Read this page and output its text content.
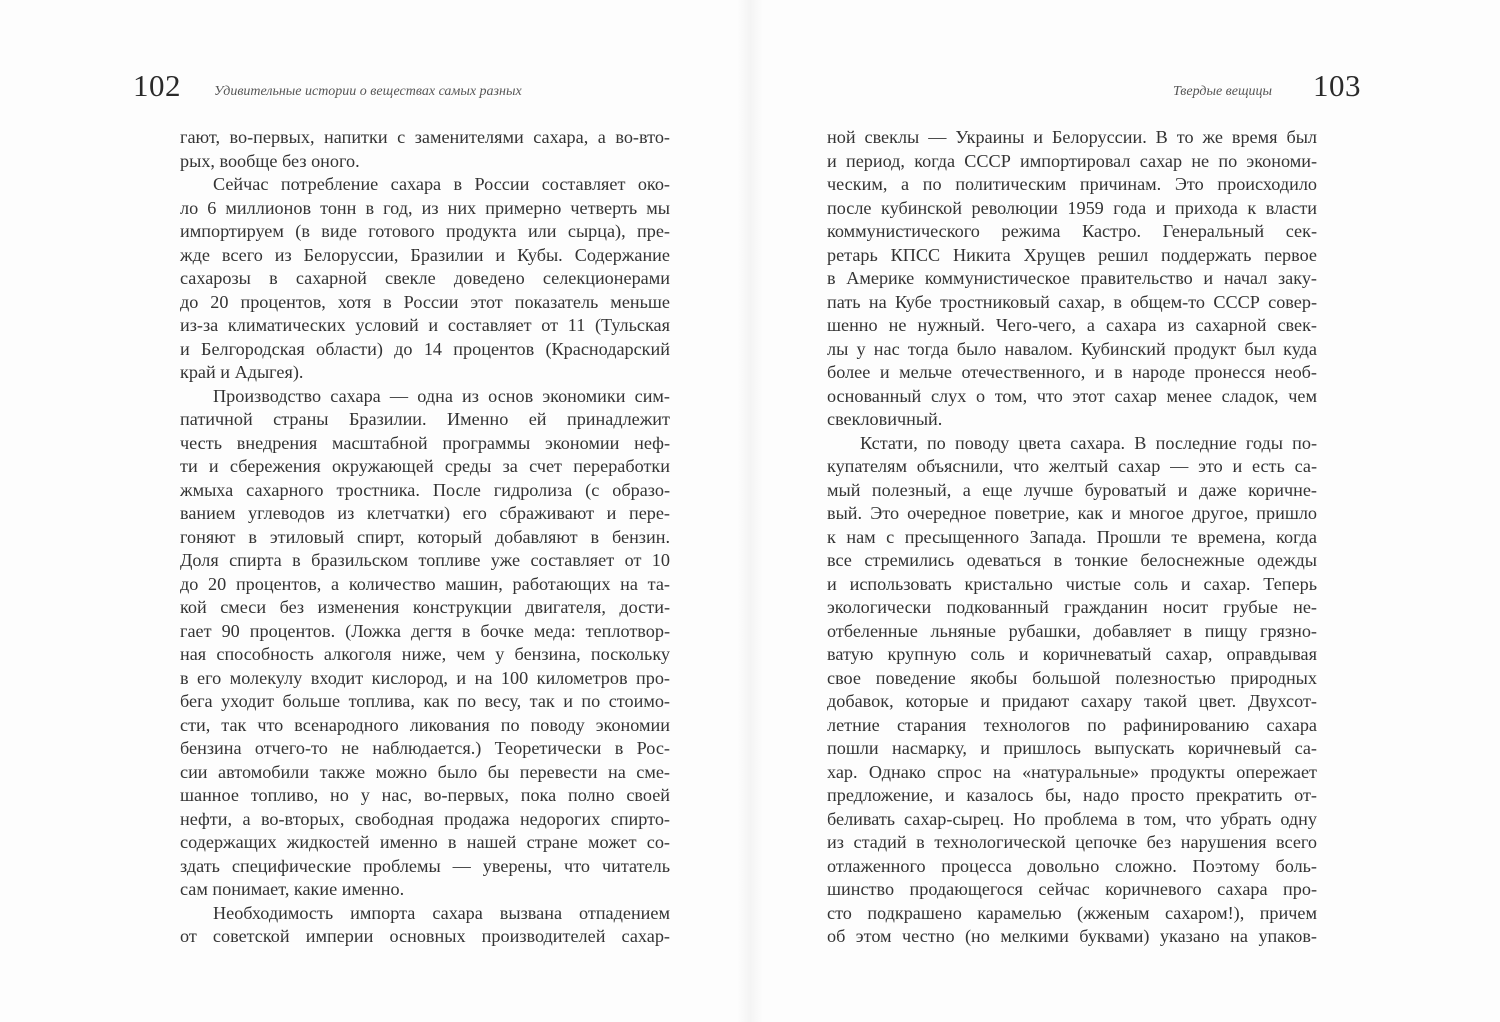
102 Удивительные истории о веществах самых разных
гают, во-первых, напитки с заменителями сахара, а во-вто-
рых, вообще без оного.
Сейчас потребление сахара в России составляет око-
ло 6 миллионов тонн в год, из них примерно четверть мы
импортируем (в виде готового продукта или сырца), пре-
жде всего из Белоруссии, Бразилии и Кубы. Содержание
сахарозы в сахарной свекле доведено селекционерами
до 20 процентов, хотя в России этот показатель меньше
из-за климатических условий и составляет от 11 (Тульская
и Белгородская области) до 14 процентов (Краснодарский
край и Адыгея).
Производство сахара — одна из основ экономики сим-
патичной страны Бразилии. Именно ей принадлежит
честь внедрения масштабной программы экономии неф-
ти и сбережения окружающей среды за счет переработки
жмыха сахарного тростника. После гидролиза (с образо-
ванием углеводов из клетчатки) его сбраживают и пере-
гоняют в этиловый спирт, который добавляют в бензин.
Доля спирта в бразильском топливе уже составляет от 10
до 20 процентов, а количество машин, работающих на та-
кой смеси без изменения конструкции двигателя, дости-
гает 90 процентов. (Ложка дегтя в бочке меда: теплотвор-
ная способность алкоголя ниже, чем у бензина, поскольку
в его молекулу входит кислород, и на 100 километров про-
бега уходит больше топлива, как по весу, так и по стоимо-
сти, так что всенародного ликования по поводу экономии
бензина отчего-то не наблюдается.) Теоретически в Рос-
сии автомобили также можно было бы перевести на сме-
шанное топливо, но у нас, во-первых, пока полно своей
нефти, а во-вторых, свободная продажа недорогих спирто-
содержащих жидкостей именно в нашей стране может со-
здать специфические проблемы — уверены, что читатель
сам понимает, какие именно.
Необходимость импорта сахара вызвана отпадением
от советской империи основных производителей сахар-
Твердые вещицы 103
ной свеклы — Украины и Белоруссии. В то же время был
и период, когда СССР импортировал сахар не по экономи-
ческим, а по политическим причинам. Это происходило
после кубинской революции 1959 года и прихода к власти
коммунистического режима Кастро. Генеральный сек-
ретарь КПСС Никита Хрущев решил поддержать первое
в Америке коммунистическое правительство и начал заку-
пать на Кубе тростниковый сахар, в общем-то СССР совер-
шенно не нужный. Чего-чего, а сахара из сахарной свек-
лы у нас тогда было навалом. Кубинский продукт был куда
более и мельче отечественного, и в народе пронесся необ-
основанный слух о том, что этот сахар менее сладок, чем
свекловичный.
Кстати, по поводу цвета сахара. В последние годы по-
купателям объяснили, что желтый сахар — это и есть са-
мый полезный, а еще лучше буроватый и даже коричне-
вый. Это очередное поветрие, как и многое другое, пришло
к нам с пресыщенного Запада. Прошли те времена, когда
все стремились одеваться в тонкие белоснежные одежды
и использовать кристально чистые соль и сахар. Теперь
экологически подкованный гражданин носит грубые не-
отбеленные льняные рубашки, добавляет в пищу грязно-
ватую крупную соль и коричневатый сахар, оправдывая
свое поведение якобы большой полезностью природных
добавок, которые и придают сахару такой цвет. Двухсот-
летние старания технологов по рафинированию сахара
пошли насмарку, и пришлось выпускать коричневый са-
хар. Однако спрос на «натуральные» продукты опережает
предложение, и казалось бы, надо просто прекратить от-
беливать сахар-сырец. Но проблема в том, что убрать одну
из стадий в технологической цепочке без нарушения всего
отлаженного процесса довольно сложно. Поэтому боль-
шинство продающегося сейчас коричневого сахара про-
сто подкрашено карамелью (жженым сахаром!), причем
об этом честно (но мелкими буквами) указано на упаков-
